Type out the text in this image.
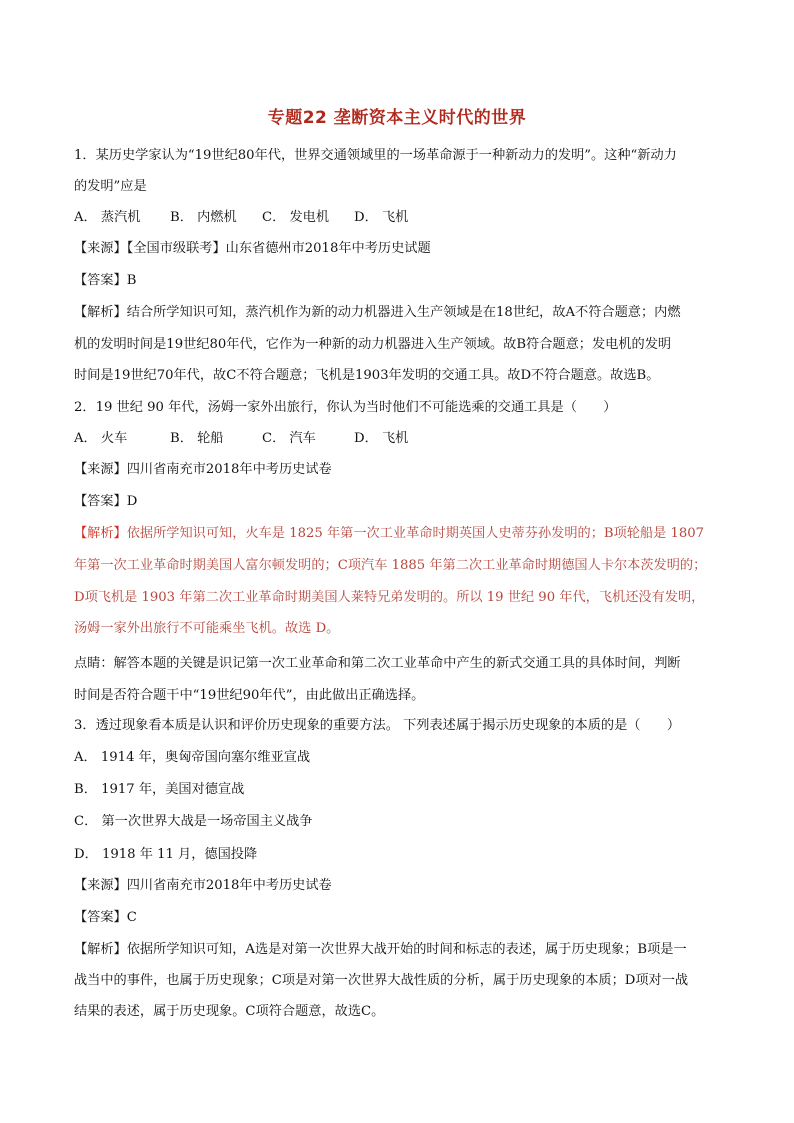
专题22 垄断资本主义时代的世界
1．某历史学家认为“19世纪80年代，世界交通领域里的一场革命源于一种新动力的发明”。这种“新动力
的发明”应是
A． 蒸汽机 B． 内燃机 C． 发电机 D． 飞机
【来源】【全国市级联考】山东省德州市2018年中考历史试题
【答案】B
【解析】结合所学知识可知，蒸汽机作为新的动力机器进入生产领域是在18世纪，故A不符合题意；内燃
机的发明时间是19世纪80年代，它作为一种新的动力机器进入生产领域。故B符合题意；发电机的发明
时间是19世纪70年代，故C不符合题意；飞机是1903年发明的交通工具。故D不符合题意。故选B。
2．19 世纪 90 年代，汤姆一家外出旅行，你认为当时他们不可能选乘的交通工具是（　　）
A． 火车	B． 轮船	C． 汽车	D． 飞机
【来源】四川省南充市2018年中考历史试卷
【答案】D
【解析】依据所学知识可知，火车是 1825 年第一次工业革命时期英国人史蒂芬孙发明的；B项轮船是 1807
年第一次工业革命时期美国人富尔顿发明的；C项汽车 1885 年第二次工业革命时期德国人卡尔本茨发明的；
D项飞机是 1903 年第二次工业革命时期美国人莱特兄弟发明的。所以 19 世纪 90 年代，飞机还没有发明，
汤姆一家外出旅行不可能乘坐飞机。故选 D。
点睛：解答本题的关键是识记第一次工业革命和第二次工业革命中产生的新式交通工具的具体时间，判断
时间是否符合题干中“19世纪90年代”，由此做出正确选择。
3．透过现象看本质是认识和评价历史现象的重要方法。 下列表述属于揭示历史现象的本质的是（　　）
A． 1914 年，奥匈帝国向塞尔维亚宣战
B． 1917 年，美国对德宣战
C． 第一次世界大战是一场帝国主义战争
D． 1918 年 11 月，德国投降
【来源】四川省南充市2018年中考历史试卷
【答案】C
【解析】依据所学知识可知，A选是对第一次世界大战开始的时间和标志的表述，属于历史现象；B项是一
战当中的事件，也属于历史现象；C项是对第一次世界大战性质的分析，属于历史现象的本质；D项对一战
结果的表述，属于历史现象。C项符合题意，故选C。
